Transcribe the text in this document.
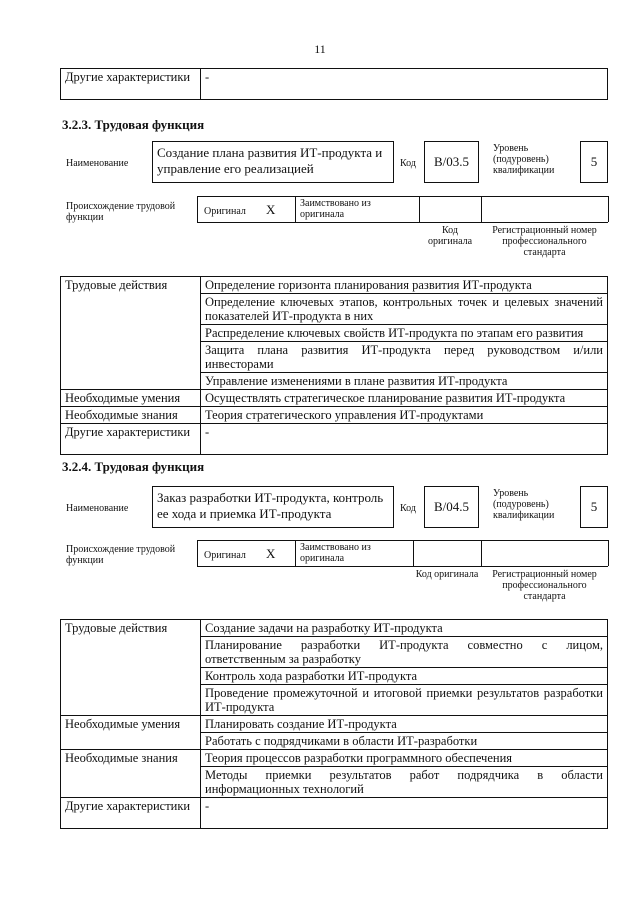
11
Другие характеристики	-
3.2.3. Трудовая функция
Наименование
Создание плана развития ИТ-продукта и управление его реализацией	Код	B/03.5
Уровень (подуровень) квалификации
5
Происхождение трудовой функции
Оригинал X Заимствовано из оригинала
Код оригинала
Регистрационный номер профессионального стандарта
Трудовые действия	Определение горизонта планирования развития ИТ-продукта
	Определение ключевых этапов, контрольных точек и целевых значений показателей ИТ-продукта в них
	Распределение ключевых свойств ИТ-продукта по этапам его развития
	Защита плана развития ИТ-продукта перед руководством и/или инвесторами
	Управление изменениями в плане развития ИТ-продукта
Необходимые умения	Осуществлять стратегическое планирование развития ИТ-продукта
Необходимые знания	Теория стратегического управления ИТ-продуктами
Другие характеристики	-
3.2.4. Трудовая функция
Наименование
Заказ разработки ИТ-продукта, контроль ее хода и приемка ИТ-продукта	Код	B/04.5
Уровень (подуровень) квалификации
5
Происхождение трудовой функции	Оригинал X Заимствовано из оригинала
Код оригинала	Регистрационный номер профессионального стандарта
Трудовые действия	Создание задачи на разработку ИТ-продукта
	Планирование разработки ИТ-продукта совместно с лицом, ответственным за разработку
	Контроль хода разработки ИТ-продукта
	Проведение промежуточной и итоговой приемки результатов разработки ИТ-продукта
Необходимые умения	Планировать создание ИТ-продукта
	Работать с подрядчиками в области ИТ-разработки
Необходимые знания	Теория процессов разработки программного обеспечения
	Методы приемки результатов работ подрядчика в области информационных технологий
Другие характеристики	-
